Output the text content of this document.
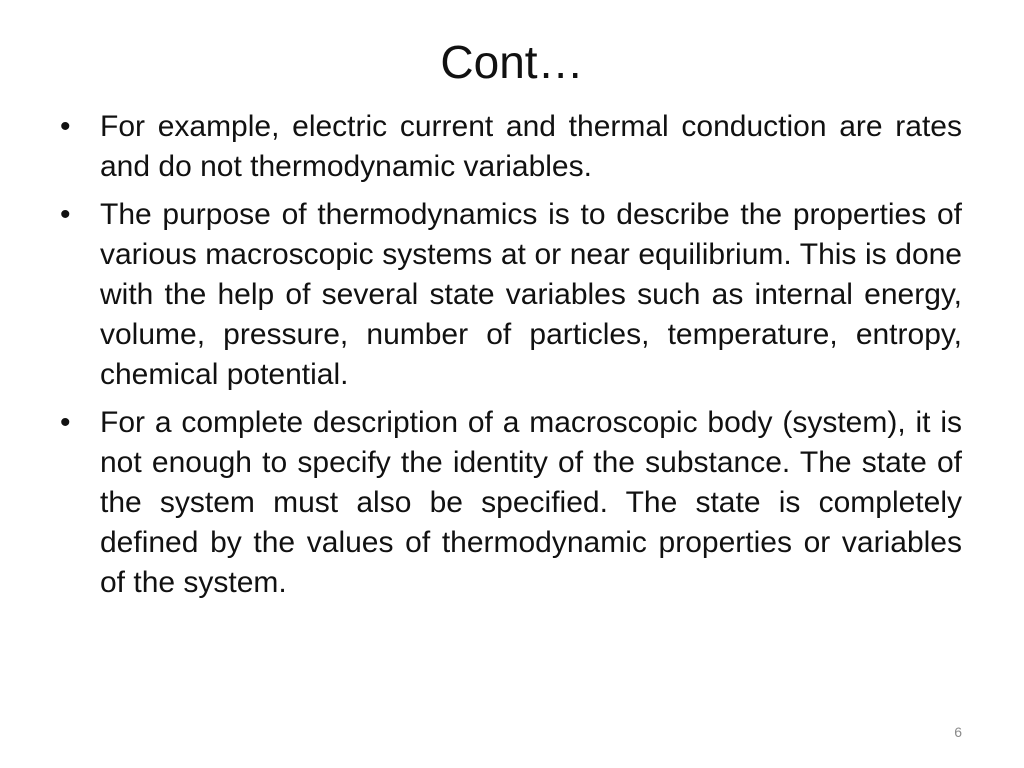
Cont…
• For example, electric current and thermal conduction are rates and do not thermodynamic variables.
• The purpose of thermodynamics is to describe the properties of various macroscopic systems at or near equilibrium. This is done with the help of several state variables such as internal energy, volume, pressure, number of particles, temperature, entropy, chemical potential.
• For a complete description of a macroscopic body (system), it is not enough to specify the identity of the substance. The state of the system must also be specified. The state is completely defined by the values of thermodynamic properties or variables of the system.
6
